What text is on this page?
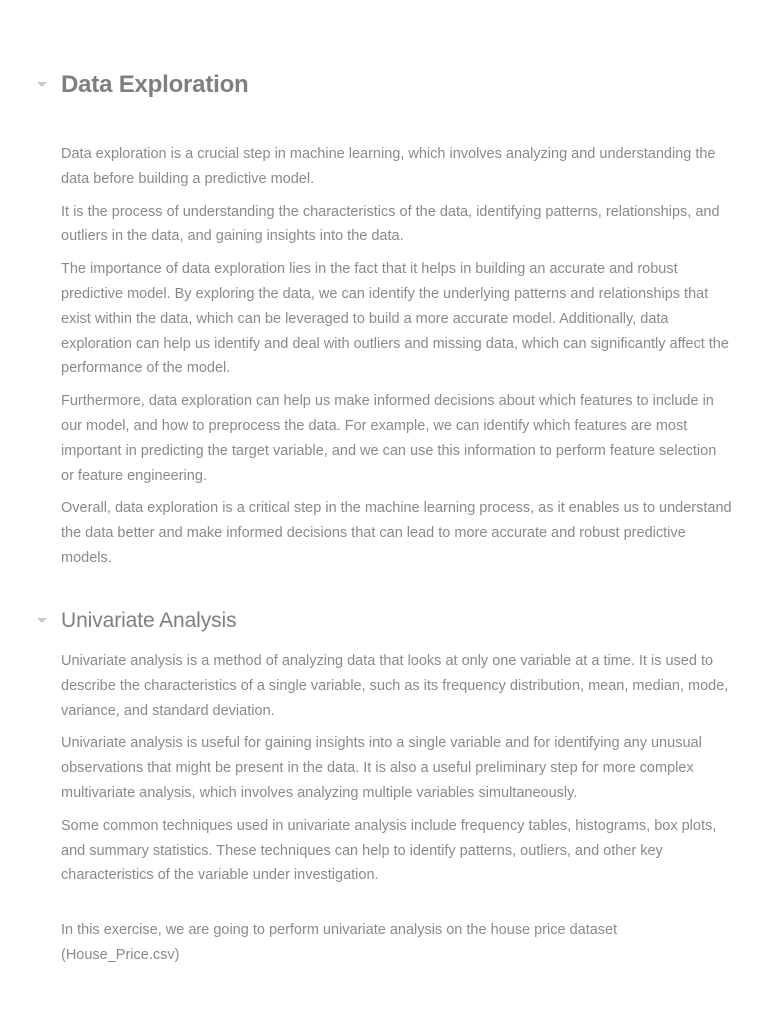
Data Exploration

Data exploration is a crucial step in machine learning, which involves analyzing and understanding the data before building a predictive model.

It is the process of understanding the characteristics of the data, identifying patterns, relationships, and outliers in the data, and gaining insights into the data.

The importance of data exploration lies in the fact that it helps in building an accurate and robust predictive model. By exploring the data, we can identify the underlying patterns and relationships that exist within the data, which can be leveraged to build a more accurate model. Additionally, data exploration can help us identify and deal with outliers and missing data, which can significantly affect the performance of the model.

Furthermore, data exploration can help us make informed decisions about which features to include in our model, and how to preprocess the data. For example, we can identify which features are most important in predicting the target variable, and we can use this information to perform feature selection or feature engineering.

Overall, data exploration is a critical step in the machine learning process, as it enables us to understand the data better and make informed decisions that can lead to more accurate and robust predictive models.

Univariate Analysis

Univariate analysis is a method of analyzing data that looks at only one variable at a time. It is used to describe the characteristics of a single variable, such as its frequency distribution, mean, median, mode, variance, and standard deviation.

Univariate analysis is useful for gaining insights into a single variable and for identifying any unusual observations that might be present in the data. It is also a useful preliminary step for more complex multivariate analysis, which involves analyzing multiple variables simultaneously.

Some common techniques used in univariate analysis include frequency tables, histograms, box plots, and summary statistics. These techniques can help to identify patterns, outliers, and other key characteristics of the variable under investigation.

In this exercise, we are going to perform univariate analysis on the house price dataset (House_Price.csv)
